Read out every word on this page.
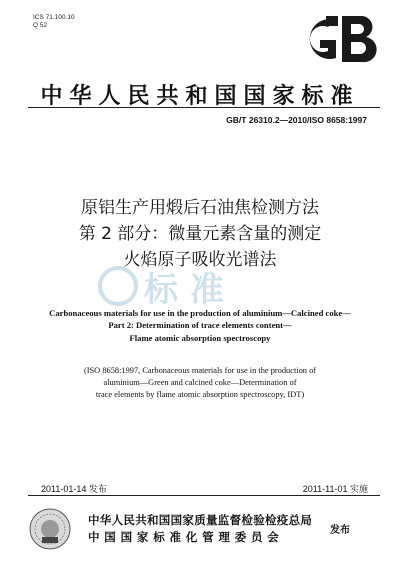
ICS 71.100.10
Q 52
中华人民共和国国家标准
GB/T 26310.2—2010/ISO 8658:1997
原铝生产用煅后石油焦检测方法
第 2 部分：微量元素含量的测定
火焰原子吸收光谱法
标 准
Carbonaceous materials for use in the production of aluminium—Calcined coke—
Part 2: Determination of trace elements content—
Flame atomic absorption spectroscopy
(ISO 8658:1997, Carbonaceous materials for use in the production of
aluminium—Green and calcined coke—Determination of
trace elements by flame atomic absorption spectroscopy, IDT)
2011-01-14 发布	2011-11-01 实施
中华人民共和国国家质量监督检验检疫总局
中国国家标准化管理委员会	发布
